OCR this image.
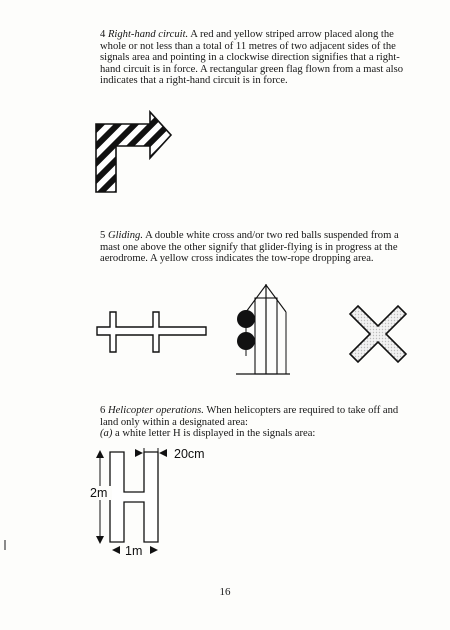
4 Right-hand circuit. A red and yellow striped arrow placed along the whole or not less than a total of 11 metres of two adjacent sides of the signals area and pointing in a clockwise direction signifies that a right-hand circuit is in force. A rectangular green flag flown from a mast also indicates that a right-hand circuit is in force.

5 Gliding. A double white cross and/or two red balls suspended from a mast one above the other signify that glider-flying is in progress at the aerodrome. A yellow cross indicates the tow-rope dropping area.

6 Helicopter operations. When helicopters are required to take off and land only within a designated area:
(a) a white letter H is displayed in the signals area:

2m
20cm
1m
16
